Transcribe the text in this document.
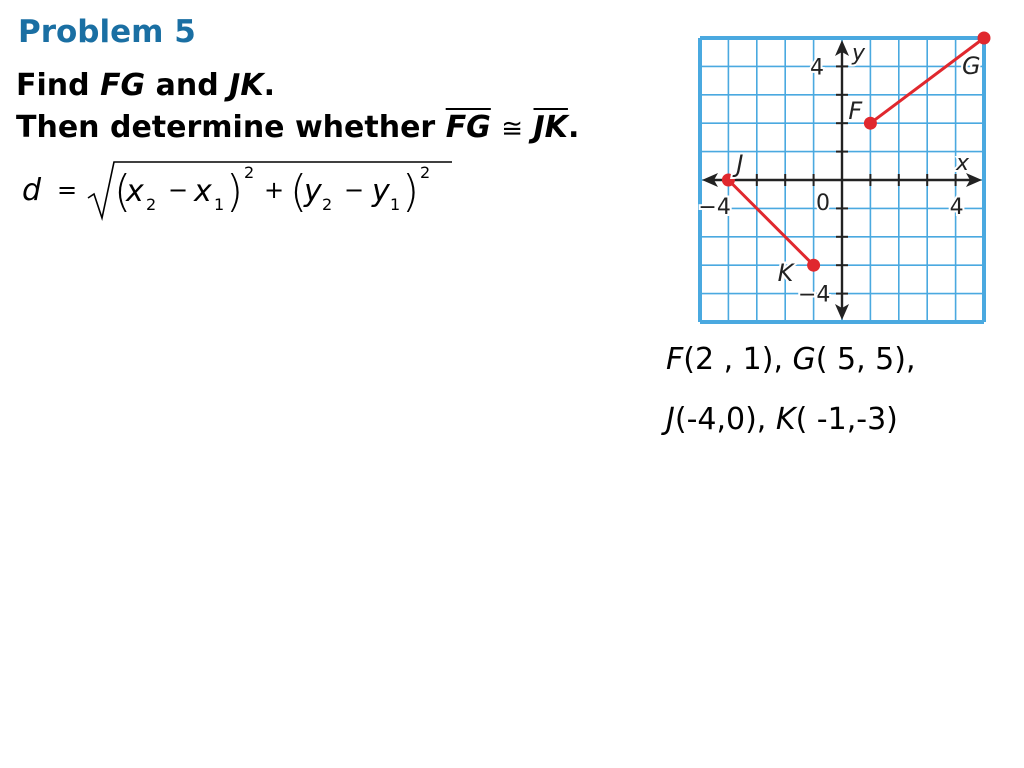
Problem 5
Find FG and JK.
Then determine whether $\overline{FG}$ ≅ $\overline{JK}$.
d = (
x 2
− x 1 ) 2
+ (
y 2
− y 1 ) 2
F
G
J
K
y
x
4
−4
−4	4
0
F(2 , 1), G( 5, 5),
J(-4,0), K( -1,-3)
